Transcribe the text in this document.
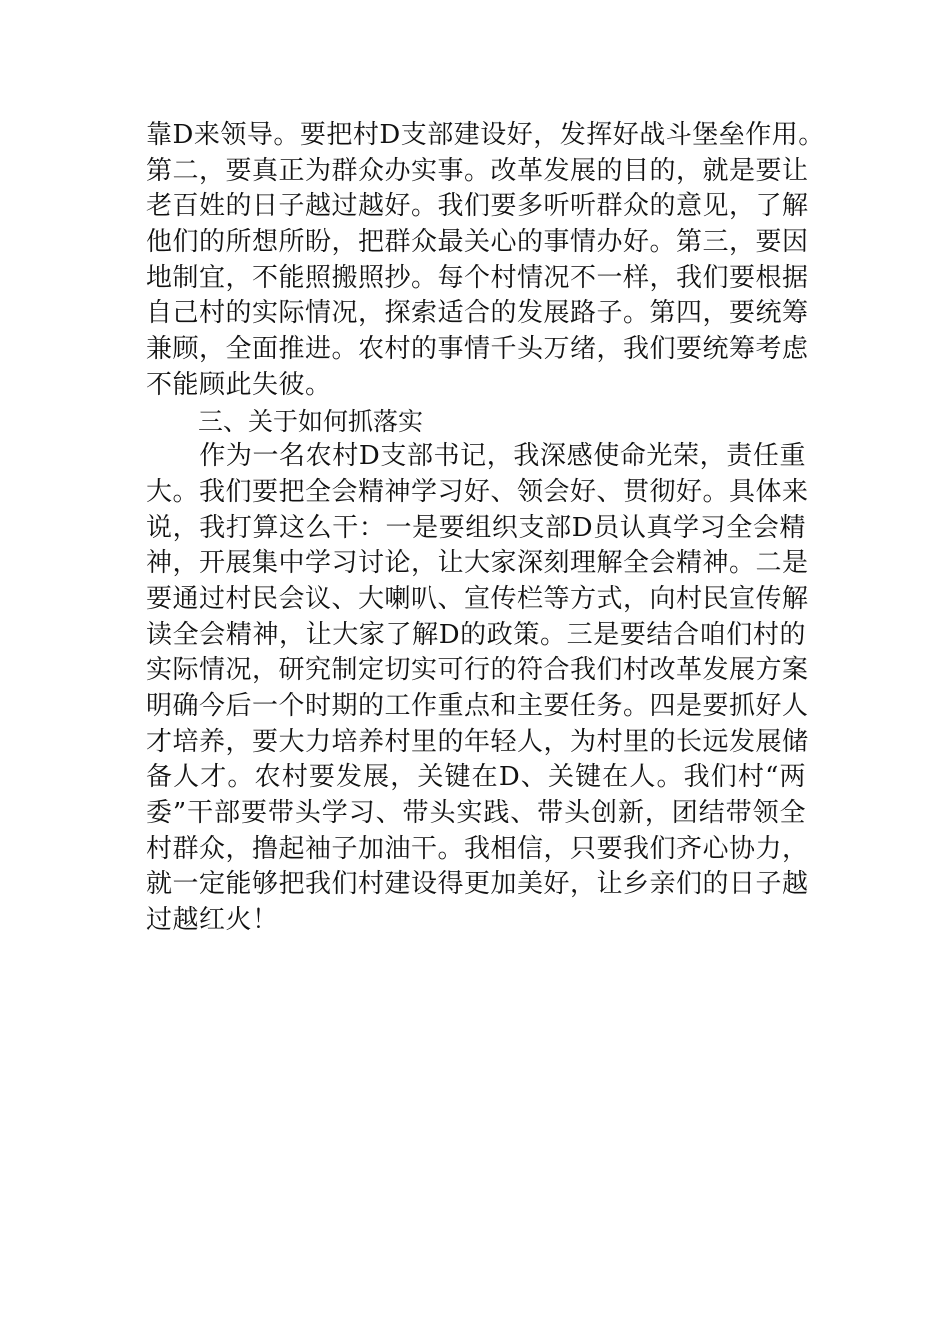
靠D来领导。要把村D支部建设好，发挥好战斗堡垒作用。
第二，要真正为群众办实事。改革发展的目的，就是要让
老百姓的日子越过越好。我们要多听听群众的意见，了解
他们的所想所盼，把群众最关心的事情办好。第三，要因
地制宜，不能照搬照抄。每个村情况不一样，我们要根据
自己村的实际情况，探索适合的发展路子。第四，要统筹
兼顾，全面推进。农村的事情千头万绪，我们要统筹考虑
不能顾此失彼。
三、关于如何抓落实
　　作为一名农村D支部书记，我深感使命光荣，责任重
大。我们要把全会精神学习好、领会好、贯彻好。具体来
说，我打算这么干：一是要组织支部D员认真学习全会精
神，开展集中学习讨论，让大家深刻理解全会精神。二是
要通过村民会议、大喇叭、宣传栏等方式，向村民宣传解
读全会精神，让大家了解D的政策。三是要结合咱们村的
实际情况，研究制定切实可行的符合我们村改革发展方案
明确今后一个时期的工作重点和主要任务。四是要抓好人
才培养，要大力培养村里的年轻人，为村里的长远发展储
备人才。农村要发展，关键在D、关键在人。我们村“两
委”干部要带头学习、带头实践、带头创新，团结带领全
村群众，撸起袖子加油干。我相信，只要我们齐心协力，
就一定能够把我们村建设得更加美好，让乡亲们的日子越
过越红火！
